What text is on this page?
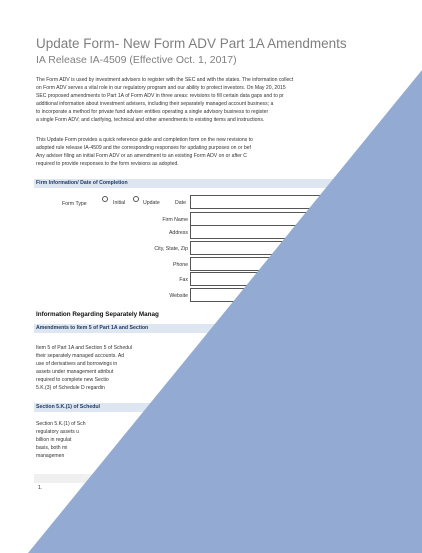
Update Form- New Form ADV Part 1A Amendments
IA Release IA-4509 (Effective Oct. 1, 2017)
The Form ADV is used by investment advisers to register with the SEC and with the states. The information collect
on Form ADV serves a vital role in our regulatory program and our ability to protect investors. On May 20, 2015
SEC proposed amendments to Part 1A of Form ADV in three areas: revisions to fill certain data gaps and to pr
additional information about investment advisers, including their separately managed account business; a
to incorporate a method for private fund adviser entities operating a single advisory business to register
a single Form ADV; and clarifying, technical and other amendments to existing items and instructions.
This Update Form provides a quick reference guide and completion form on the new revisions to
adopted rule release IA-4509 and the corresponding responses for updating purposes on or bef
Any adviser filing an initial Form ADV or an amendment to an existing Form ADV on or after C
required to provide responses to the form revisions as adopted.
Firm Information/ Date of Completion
Form Type	Initial	Update	Date
Firm Name
Address
City, State, Zip
Phone
Fax
Website
Information Regarding Separately Manag
Amendments to Item 5 of Part 1A and Section
Item 5 of Part 1A and Section 5 of Schedul
their separately managed accounts. Ad
use of derivatives and borrowings in
assets under management attribut
required to complete new Sectio
5.K.(3) of Schedule D regardin
Section 5.K.(1) of Schedul
Section 5.K.(1) of Sch
regulatory assets u
billion in regulat
basis, both mi
managemen
1.
